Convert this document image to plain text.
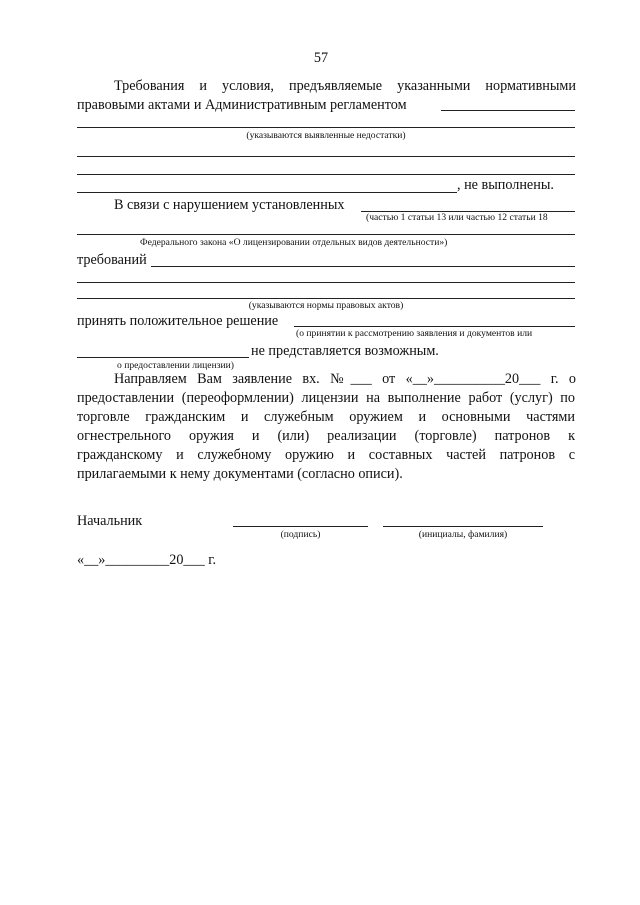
57
Требования и условия, предъявляемые указанными нормативными
правовыми актами и Административным регламентом
(указываются выявленные недостатки)
, не выполнены.
В связи с нарушением установленных
(частью 1 статьи 13 или частью 12 статьи 18
Федерального закона «О лицензировании отдельных видов деятельности»)
требований
(указываются нормы правовых актов)
принять положительное решение
(о принятии к рассмотрению заявления и документов или
не представляется возможным.
о предоставлении лицензии)
Направляем Вам заявление вх. №___ от «__»__________20___ г. о
предоставлении (переоформлении) лицензии на выполнение работ (услуг) по
торговле гражданским и служебным оружием и основными частями
огнестрельного оружия и (или) реализации (торговле) патронов к
гражданскому и служебному оружию и составных частей патронов с
прилагаемыми к нему документами (согласно описи).
Начальник
(подпись)	(инициалы, фамилия)
«__»_________20___ г.
